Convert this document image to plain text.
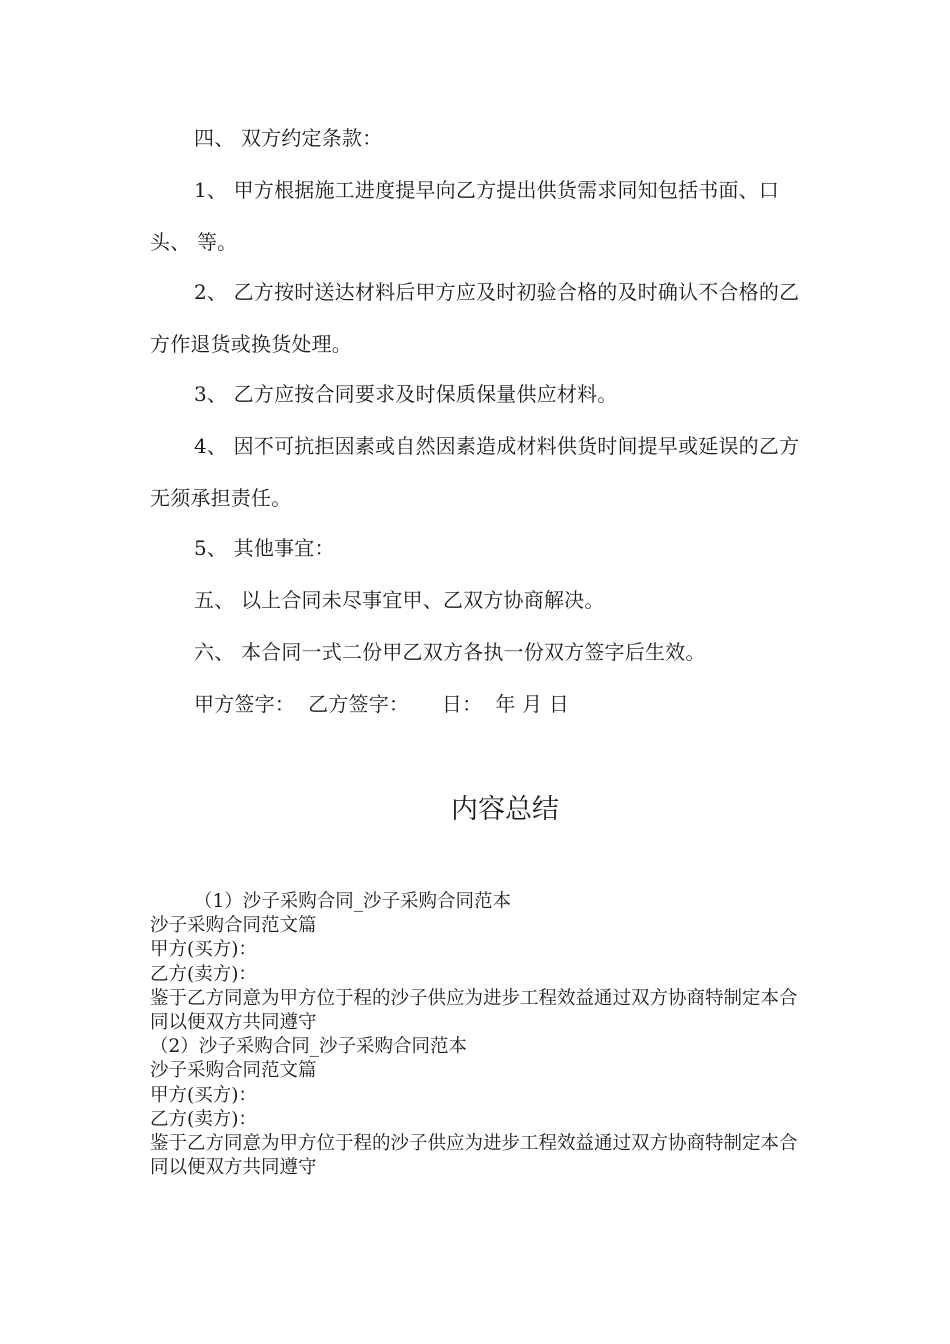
四、 双方约定条款：

1、 甲方根据施工进度提早向乙方提出供货需求同知包括书面、口头、 等。

2、 乙方按时送达材料后甲方应及时初验合格的及时确认不合格的乙方作退货或换货处理。

3、 乙方应按合同要求及时保质保量供应材料。

4、 因不可抗拒因素或自然因素造成材料供货时间提早或延误的乙方无须承担责任。

5、 其他事宜：

五、 以上合同未尽事宜甲、乙双方协商解决。

六、 本合同一式二份甲乙双方各执一份双方签字后生效。

甲方签字：  乙方签字：     日：  年 月 日

内容总结
（1）沙子采购合同_沙子采购合同范本
沙子采购合同范文篇
甲方(买方)：
乙方(卖方)：
鉴于乙方同意为甲方位于程的沙子供应为进步工程效益通过双方协商特制定本合同以便双方共同遵守
（2）沙子采购合同_沙子采购合同范本
沙子采购合同范文篇
甲方(买方)：
乙方(卖方)：
鉴于乙方同意为甲方位于程的沙子供应为进步工程效益通过双方协商特制定本合同以便双方共同遵守
